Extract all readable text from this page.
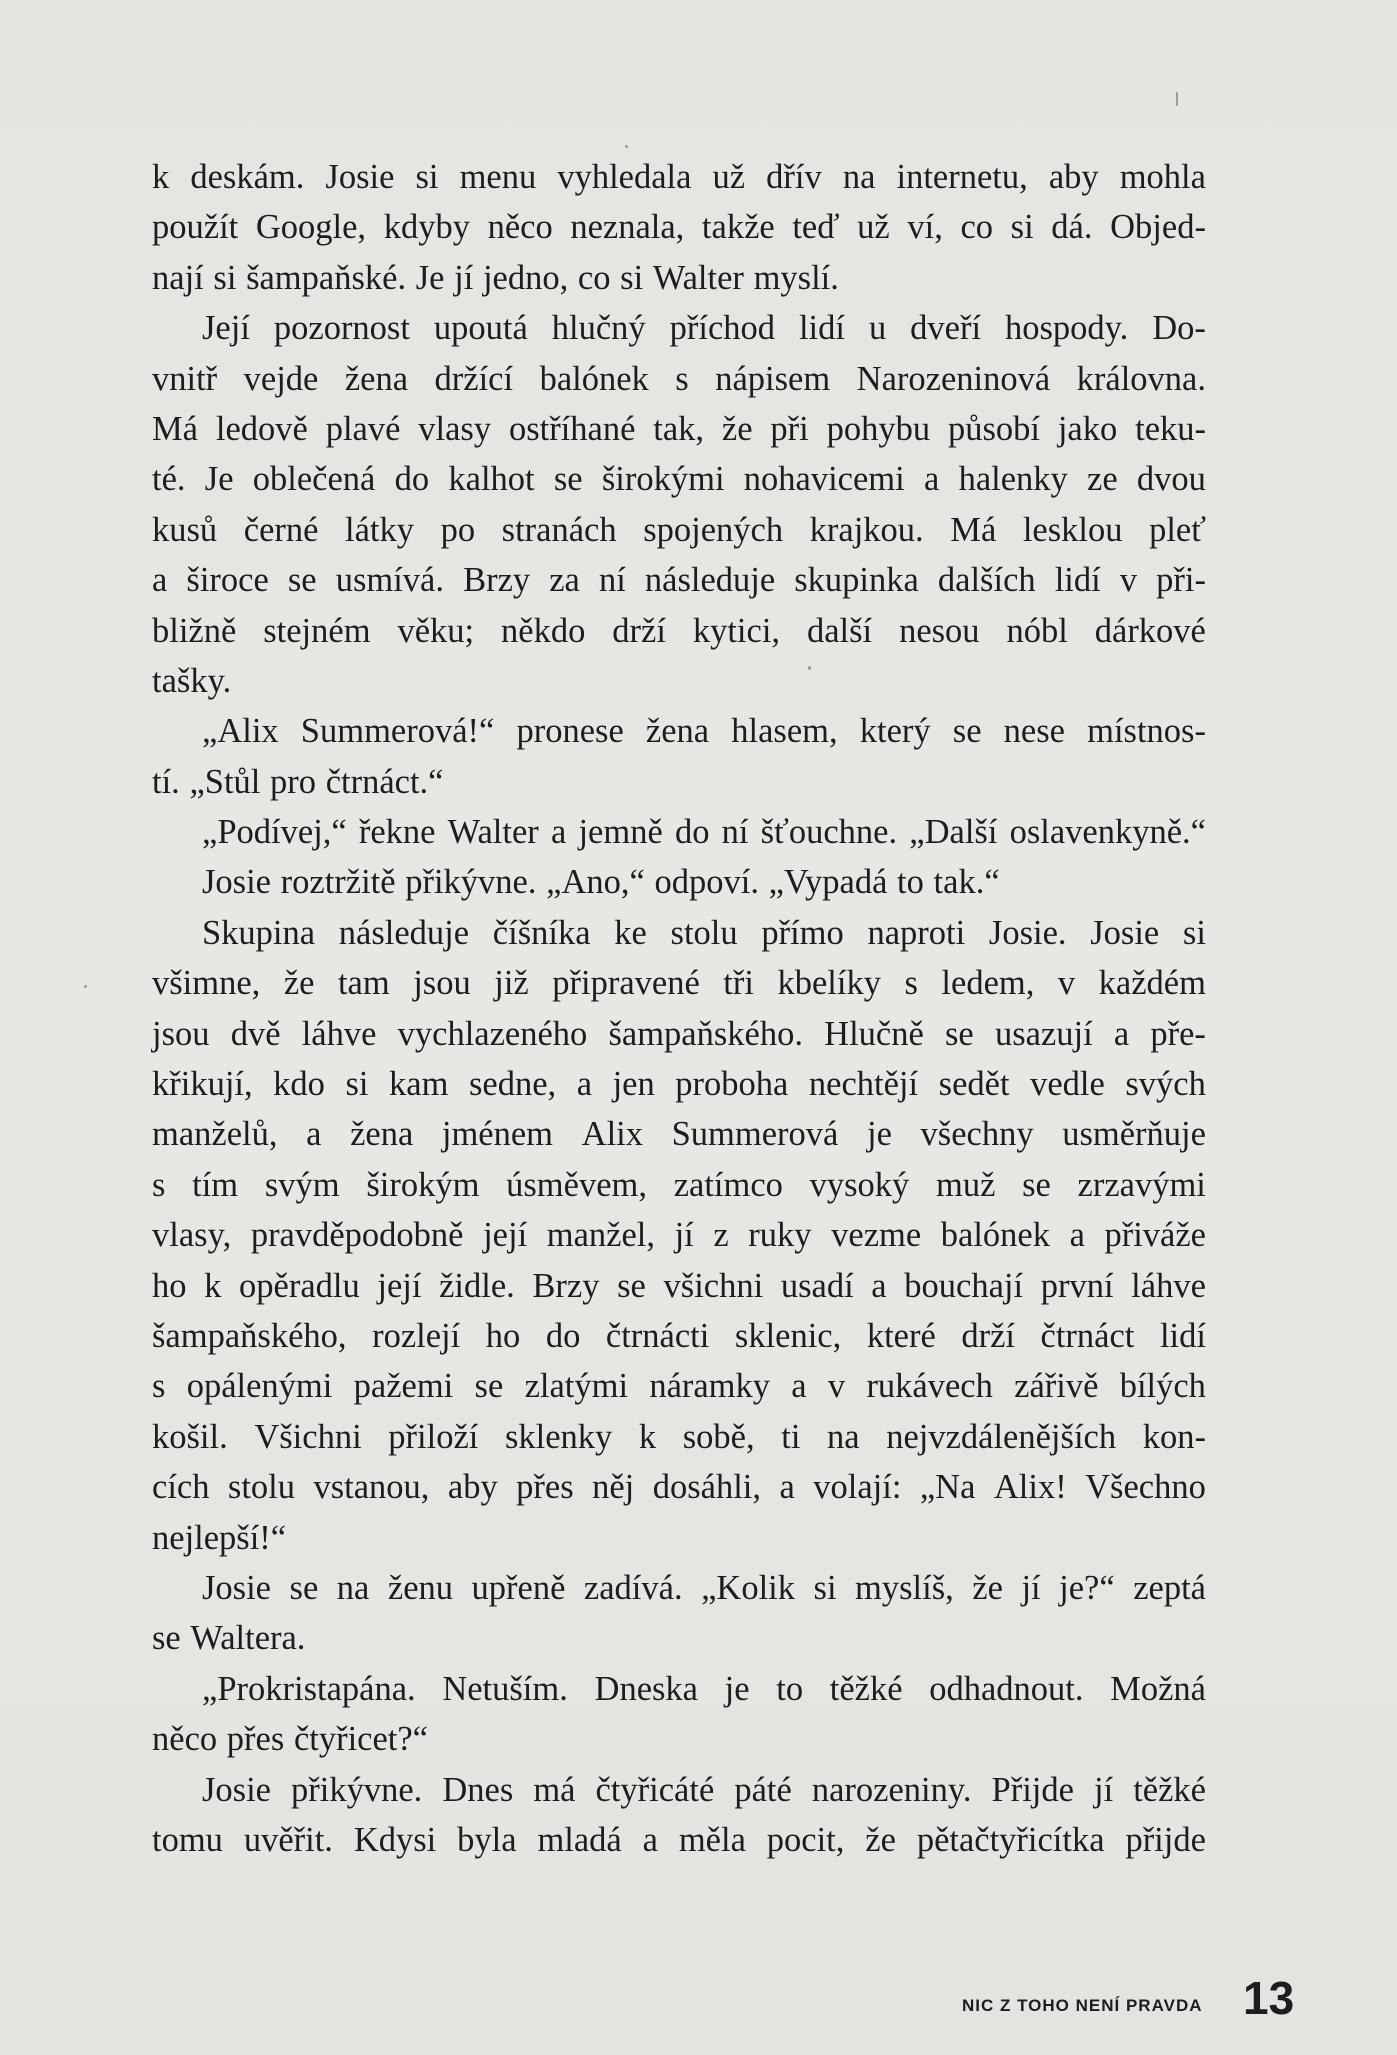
k deskám. Josie si menu vyhledala už dřív na internetu, aby mohla
použít Google, kdyby něco neznala, takže teď už ví, co si dá. Objed-
nají si šampaňské. Je jí jedno, co si Walter myslí.
Její pozornost upoutá hlučný příchod lidí u dveří hospody. Do-
vnitř vejde žena držící balónek s nápisem Narozeninová královna.
Má ledově plavé vlasy ostříhané tak, že při pohybu působí jako teku-
té. Je oblečená do kalhot se širokými nohavicemi a halenky ze dvou
kusů černé látky po stranách spojených krajkou. Má lesklou pleť
a široce se usmívá. Brzy za ní následuje skupinka dalších lidí v při-
bližně stejném věku; někdo drží kytici, další nesou nóbl dárkové
tašky.
„Alix Summerová!“ pronese žena hlasem, který se nese místnos-
tí. „Stůl pro čtrnáct.“
„Podívej,“ řekne Walter a jemně do ní šťouchne. „Další oslavenkyně.“
Josie roztržitě přikývne. „Ano,“ odpoví. „Vypadá to tak.“
Skupina následuje číšníka ke stolu přímo naproti Josie. Josie si
všimne, že tam jsou již připravené tři kbelíky s ledem, v každém
jsou dvě láhve vychlazeného šampaňského. Hlučně se usazují a pře-
křikují, kdo si kam sedne, a jen proboha nechtějí sedět vedle svých
manželů, a žena jménem Alix Summerová je všechny usměrňuje
s tím svým širokým úsměvem, zatímco vysoký muž se zrzavými
vlasy, pravděpodobně její manžel, jí z ruky vezme balónek a přiváže
ho k opěradlu její židle. Brzy se všichni usadí a bouchají první láhve
šampaňského, rozlejí ho do čtrnácti sklenic, které drží čtrnáct lidí
s opálenými pažemi se zlatými náramky a v rukávech zářivě bílých
košil. Všichni přiloží sklenky k sobě, ti na nejvzdálenějších kon-
cích stolu vstanou, aby přes něj dosáhli, a volají: „Na Alix! Všechno
nejlepší!“
Josie se na ženu upřeně zadívá. „Kolik si myslíš, že jí je?“ zeptá
se Waltera.
„Prokristapána. Netuším. Dneska je to těžké odhadnout. Možná
něco přes čtyřicet?“
Josie přikývne. Dnes má čtyřicáté páté narozeniny. Přijde jí těžké
tomu uvěřit. Kdysi byla mladá a měla pocit, že pětačtyřicítka přijde
NIC Z TOHO NENÍ PRAVDA 13
